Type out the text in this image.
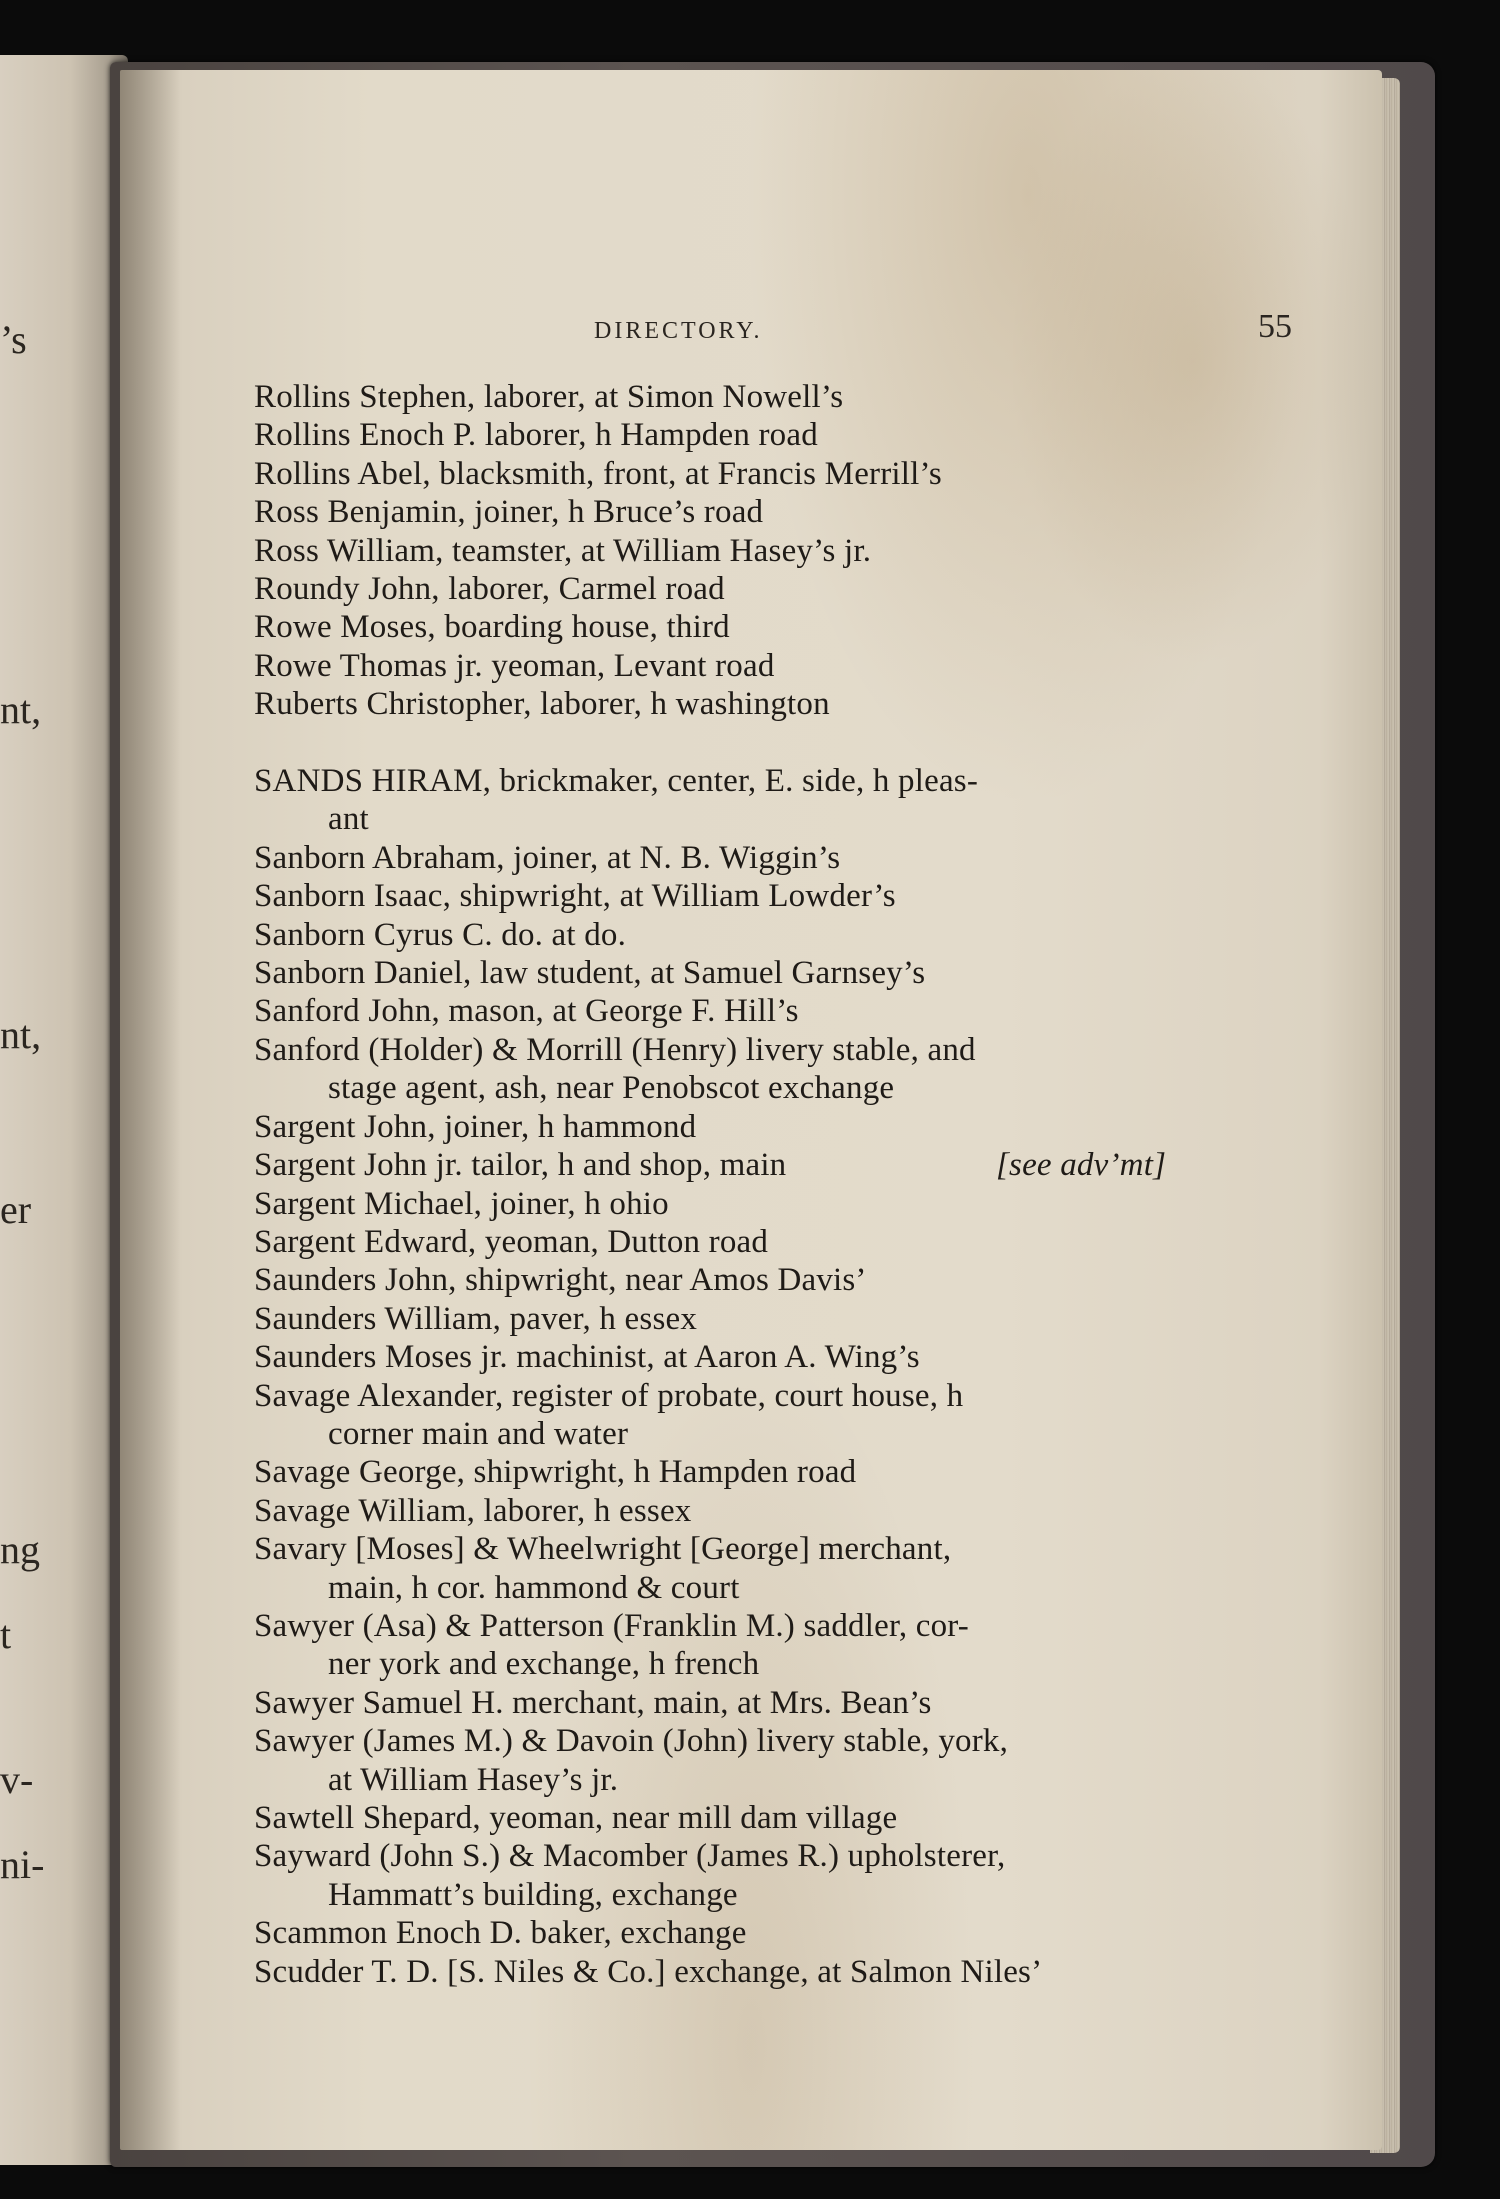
’s

nt,

nt,

er

ng

t

v-

ni-

DIRECTORY.	55
Rollins Stephen, laborer, at Simon Nowell’s
Rollins Enoch P. laborer, h Hampden road
Rollins Abel, blacksmith, front, at Francis Merrill’s
Ross Benjamin, joiner, h Bruce’s road
Ross William, teamster, at William Hasey’s jr.
Roundy John, laborer, Carmel road
Rowe Moses, boarding house, third
Rowe Thomas jr. yeoman, Levant road
Ruberts Christopher, laborer, h washington
SANDS HIRAM, brickmaker, center, E. side, h pleas-
ant
Sanborn Abraham, joiner, at N. B. Wiggin’s
Sanborn Isaac, shipwright, at William Lowder’s
Sanborn Cyrus C. do. at do.
Sanborn Daniel, law student, at Samuel Garnsey’s
Sanford John, mason, at George F. Hill’s
Sanford (Holder) & Morrill (Henry) livery stable, and
stage agent, ash, near Penobscot exchange
Sargent John, joiner, h hammond
Sargent John jr. tailor, h and shop, main	[see adv’mt]
Sargent Michael, joiner, h ohio
Sargent Edward, yeoman, Dutton road
Saunders John, shipwright, near Amos Davis’
Saunders William, paver, h essex
Saunders Moses jr. machinist, at Aaron A. Wing’s
Savage Alexander, register of probate, court house, h
corner main and water
Savage George, shipwright, h Hampden road
Savage William, laborer, h essex
Savary [Moses] & Wheelwright [George] merchant,
main, h cor. hammond & court
Sawyer (Asa) & Patterson (Franklin M.) saddler, cor-
ner york and exchange, h french
Sawyer Samuel H. merchant, main, at Mrs. Bean’s
Sawyer (James M.) & Davoin (John) livery stable, york,
at William Hasey’s jr.
Sawtell Shepard, yeoman, near mill dam village
Sayward (John S.) & Macomber (James R.) upholsterer,
Hammatt’s building, exchange
Scammon Enoch D. baker, exchange
Scudder T. D. [S. Niles & Co.] exchange, at Salmon Niles’
